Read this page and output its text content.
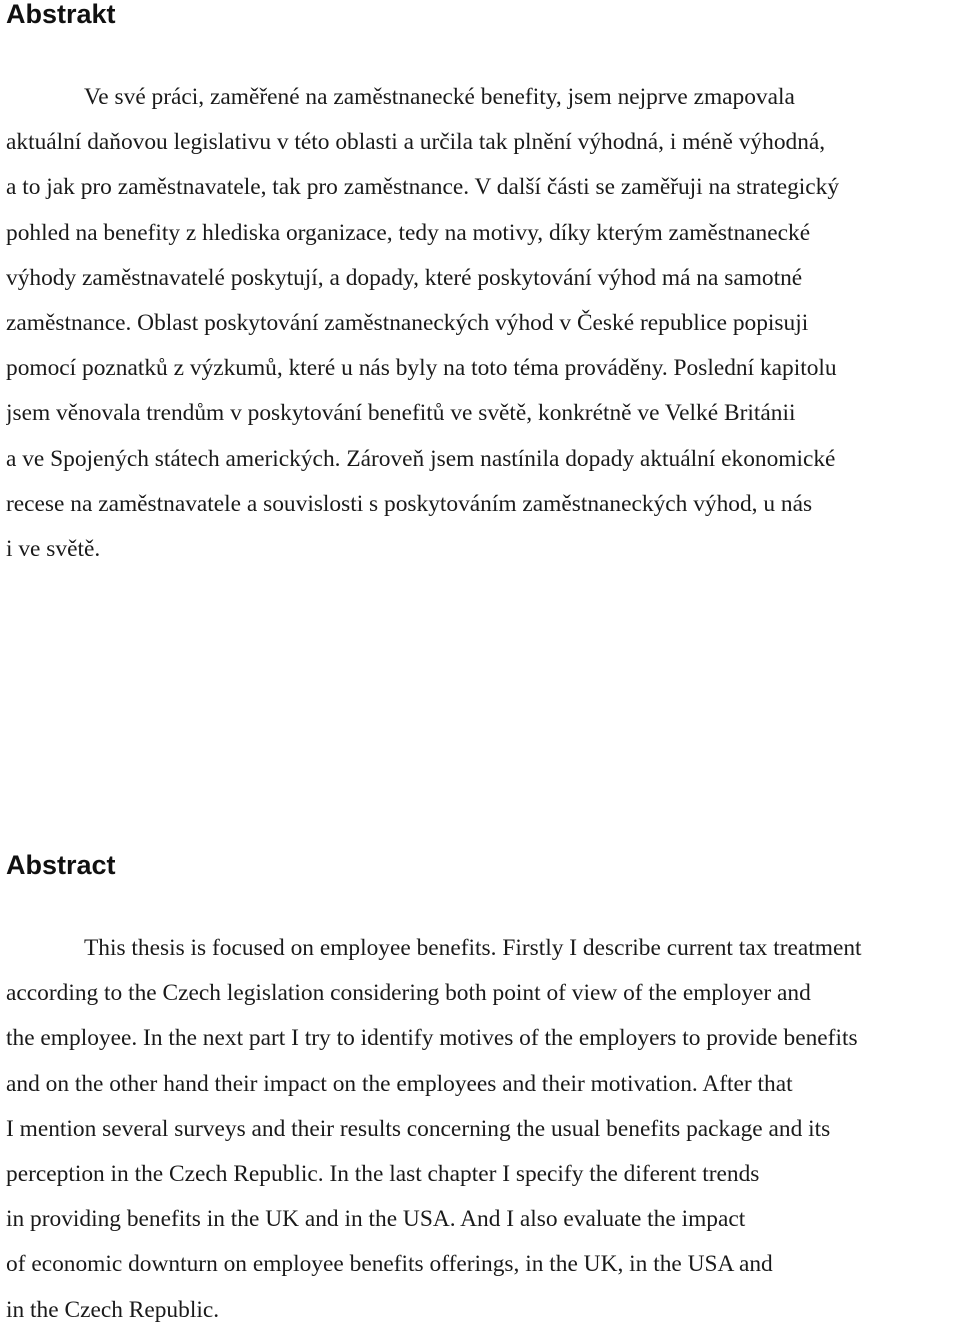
Abstrakt
Ve své práci, zaměřené na zaměstnanecké benefity, jsem nejprve zmapovala
aktuální daňovou legislativu v této oblasti a určila tak plnění výhodná, i méně výhodná,
a to jak pro zaměstnavatele, tak pro zaměstnance. V další části se zaměřuji na strategický
pohled na benefity z hlediska organizace, tedy na motivy, díky kterým zaměstnanecké
výhody zaměstnavatelé poskytují, a dopady, které poskytování výhod má na samotné
zaměstnance. Oblast poskytování zaměstnaneckých výhod v České republice popisuji
pomocí poznatků z výzkumů, které u nás byly na toto téma prováděny. Poslední kapitolu
jsem věnovala trendům v poskytování benefitů ve světě, konkrétně ve Velké Británii
a ve Spojených státech amerických. Zároveň jsem nastínila dopady aktuální ekonomické
recese na zaměstnavatele a souvislosti s poskytováním zaměstnaneckých výhod, u nás
i ve světě.
Abstract
This thesis is focused on employee benefits. Firstly I describe current tax treatment
according to the Czech legislation considering both point of view of the employer and
the employee. In the next part I try to identify motives of the employers to provide benefits
and on the other hand their impact on the employees and their motivation. After that
I mention several surveys and their results concerning the usual benefits package and its
perception in the Czech Republic. In the last chapter I specify the diferent trends
in providing benefits in the UK and in the USA. And I also evaluate the impact
of economic downturn on employee benefits offerings, in the UK, in the USA and
in the Czech Republic.
